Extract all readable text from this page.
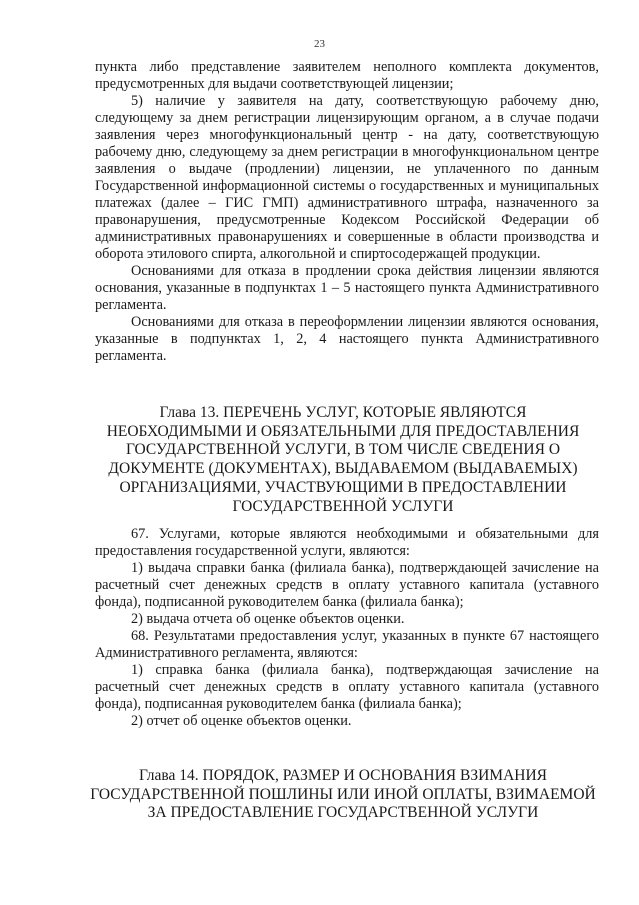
23

пункта либо представление заявителем неполного комплекта документов, предусмотренных для выдачи соответствующей лицензии;

5) наличие у заявителя на дату, соответствующую рабочему дню, следующему за днем регистрации лицензирующим органом, а в случае подачи заявления через многофункциональный центр - на дату, соответствующую рабочему дню, следующему за днем регистрации в многофункциональном центре заявления о выдаче (продлении) лицензии, не уплаченного по данным Государственной информационной системы о государственных и муниципальных платежах (далее – ГИС ГМП) административного штрафа, назначенного за правонарушения, предусмотренные Кодексом Российской Федерации об административных правонарушениях и совершенные в области производства и оборота этилового спирта, алкогольной и спиртосодержащей продукции.

Основаниями для отказа в продлении срока действия лицензии являются основания, указанные в подпунктах 1 – 5 настоящего пункта Административного регламента.

Основаниями для отказа в переоформлении лицензии являются основания, указанные в подпунктах 1, 2, 4 настоящего пункта Административного регламента.

Глава 13. ПЕРЕЧЕНЬ УСЛУГ, КОТОРЫЕ ЯВЛЯЮТСЯ
НЕОБХОДИМЫМИ И ОБЯЗАТЕЛЬНЫМИ ДЛЯ ПРЕДОСТАВЛЕНИЯ
ГОСУДАРСТВЕННОЙ УСЛУГИ, В ТОМ ЧИСЛЕ СВЕДЕНИЯ О
ДОКУМЕНТЕ (ДОКУМЕНТАХ), ВЫДАВАЕМОМ (ВЫДАВАЕМЫХ)
ОРГАНИЗАЦИЯМИ, УЧАСТВУЮЩИМИ В ПРЕДОСТАВЛЕНИИ
ГОСУДАРСТВЕННОЙ УСЛУГИ

67. Услугами, которые являются необходимыми и обязательными для предоставления государственной услуги, являются:

1) выдача справки банка (филиала банка), подтверждающей зачисление на расчетный счет денежных средств в оплату уставного капитала (уставного фонда), подписанной руководителем банка (филиала банка);

2) выдача отчета об оценке объектов оценки.

68. Результатами предоставления услуг, указанных в пункте 67 настоящего Административного регламента, являются:

1) справка банка (филиала банка), подтверждающая зачисление на расчетный счет денежных средств в оплату уставного капитала (уставного фонда), подписанная руководителем банка (филиала банка);

2) отчет об оценке объектов оценки.

Глава 14. ПОРЯДОК, РАЗМЕР И ОСНОВАНИЯ ВЗИМАНИЯ
ГОСУДАРСТВЕННОЙ ПОШЛИНЫ ИЛИ ИНОЙ ОПЛАТЫ, ВЗИМАЕМОЙ
ЗА ПРЕДОСТАВЛЕНИЕ ГОСУДАРСТВЕННОЙ УСЛУГИ
